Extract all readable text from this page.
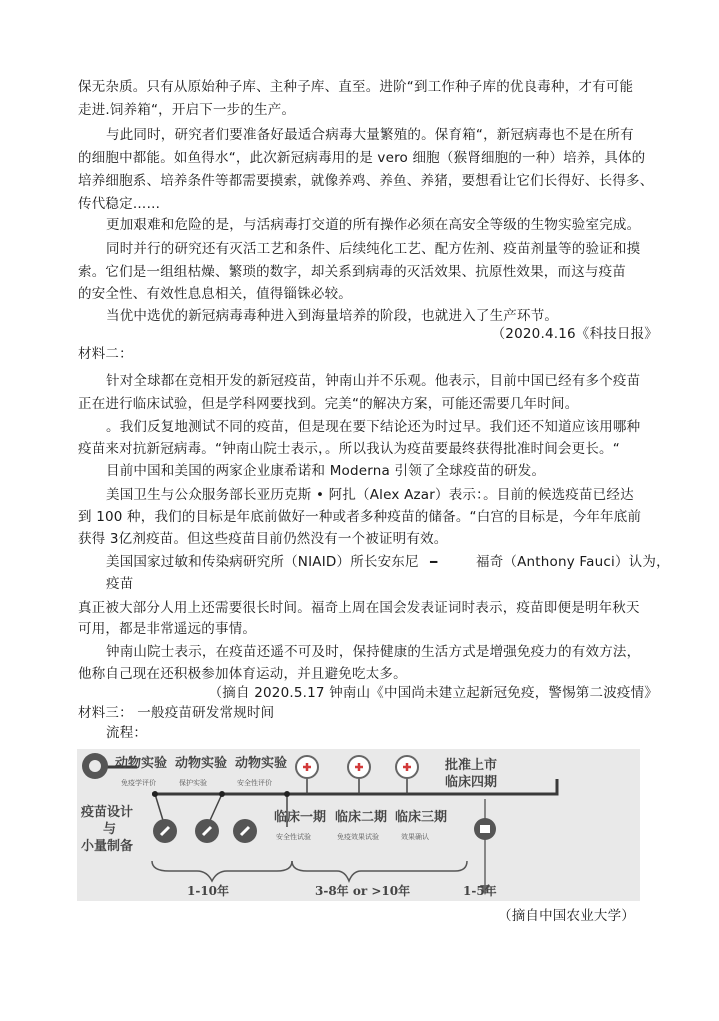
保无杂质。只有从原始种子库、主种子库、直至。进阶“到工作种子库的优良毒种，才有可能
走进.饲养箱“，开启下一步的生产。
与此同时，研究者们要准备好最适合病毒大量繁殖的。保育箱“，新冠病毒也不是在所有
的细胞中都能。如鱼得水“，此次新冠病毒用的是 vero 细胞（猴肾细胞的一种）培养，具体的
培养细胞系、培养条件等都需要摸索，就像养鸡、养鱼、养猪，要想看让它们长得好、长得多、
传代稳定……
更加艰难和危险的是，与活病毒打交道的所有操作必须在高安全等级的生物实验室完成。
同时并行的研究还有灭活工艺和条件、后续纯化工艺、配方佐剂、疫苗剂量等的验证和摸
索。它们是一组组枯燥、繁琐的数字，却关系到病毒的灭活效果、抗原性效果，而这与疫苗
的安全性、有效性息息相关，值得锱铢必较。
当优中选优的新冠病毒毒种进入到海量培养的阶段，也就进入了生产环节。
（2020.4.16《科技日报》
材料二：
针对全球都在竞相开发的新冠疫苗，钟南山并不乐观。他表示，目前中国已经有多个疫苗
正在进行临床试验，但是学科网要找到。完美“的解决方案，可能还需要几年时间。
。我们反复地测试不同的疫苗，但是现在要下结论还为时过早。我们还不知道应该用哪种
疫苗来对抗新冠病毒。“钟南山院士表示，。所以我认为疫苗要最终获得批准时间会更长。“
目前中国和美国的两家企业康希诺和 Moderna 引领了全球疫苗的研发。
美国卫生与公众服务部长亚历克斯 • 阿扎（Alex Azar）表示：。目前的候选疫苗已经达
到 100 种，我们的目标是年底前做好一种或者多种疫苗的储备。“白宫的目标是，今年年底前
获得 3亿剂疫苗。但这些疫苗目前仍然没有一个被证明有效。
美国国家过敏和传染病研究所（NIAID）所长安东尼 ━	福奇（Anthony Fauci）认为，
疫苗
真正被大部分人用上还需要很长时间。福奇上周在国会发表证词时表示，疫苗即便是明年秋天
可用，都是非常遥远的事情。
钟南山院士表示，在疫苗还遥不可及时，保持健康的生活方式是增强免疫力的有效方法，
他称自己现在还积极参加体育运动，并且避免吃太多。
（摘自 2020.5.17 钟南山《中国尚未建立起新冠免疫，警惕第二波疫情》
材料三： 一般疫苗研发常规时间
流程：
疫苗设计
与
小量制备
动物实验 动物实验 动物实验
免疫学评价	保护实验	安全性评价
临床一期 临床二期 临床三期
安全性试验	免疫效果试验	效果确认
批准上市
临床四期
1-10年	3-8年 or >10年	1-5年
（摘自中国农业大学）
